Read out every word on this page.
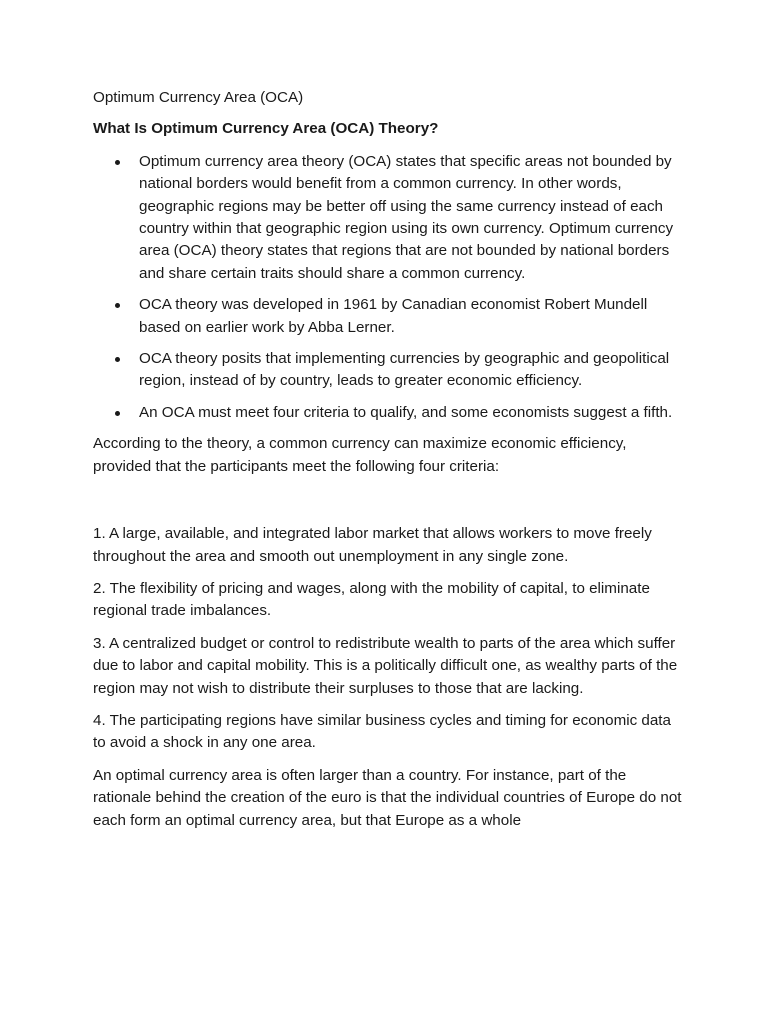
Optimum Currency Area (OCA)
What Is Optimum Currency Area (OCA) Theory?
Optimum currency area theory (OCA) states that specific areas not bounded by national borders would benefit from a common currency. In other words, geographic regions may be better off using the same currency instead of each country within that geographic region using its own currency. Optimum currency area (OCA) theory states that regions that are not bounded by national borders and share certain traits should share a common currency.
OCA theory was developed in 1961 by Canadian economist Robert Mundell based on earlier work by Abba Lerner.
OCA theory posits that implementing currencies by geographic and geopolitical region, instead of by country, leads to greater economic efficiency.
An OCA must meet four criteria to qualify, and some economists suggest a fifth.

According to the theory, a common currency can maximize economic efficiency, provided that the participants meet the following four criteria:

1. A large, available, and integrated labor market that allows workers to move freely throughout the area and smooth out unemployment in any single zone.

2. The flexibility of pricing and wages, along with the mobility of capital, to eliminate regional trade imbalances.

3. A centralized budget or control to redistribute wealth to parts of the area which suffer due to labor and capital mobility. This is a politically difficult one, as wealthy parts of the region may not wish to distribute their surpluses to those that are lacking.

4. The participating regions have similar business cycles and timing for economic data to avoid a shock in any one area.

An optimal currency area is often larger than a country. For instance, part of the rationale behind the creation of the euro is that the individual countries of Europe do not each form an optimal currency area, but that Europe as a whole
